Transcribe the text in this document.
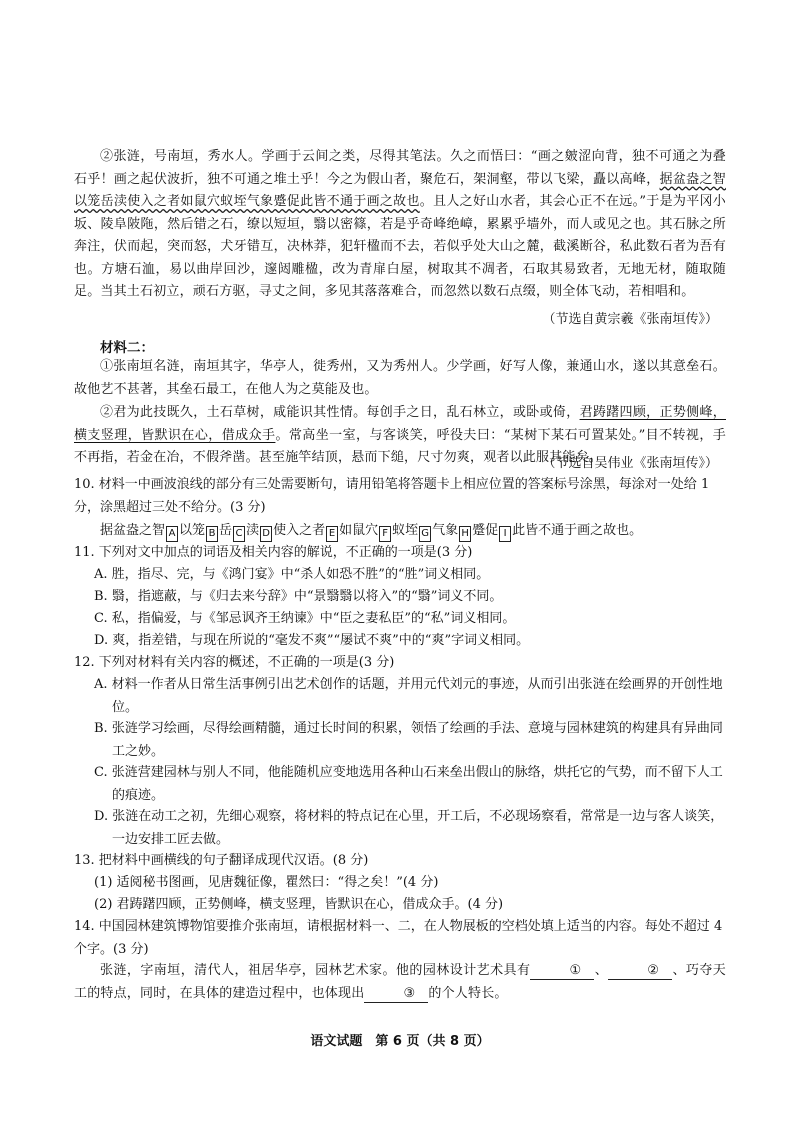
②张涟，号南垣，秀水人。学画于云间之类，尽得其笔法。久之而悟曰：“画之皴涩向背，独不可通之为叠石乎！画之起伏波折，独不可通之堆土乎！今之为假山者，聚危石，架洞壑，带以飞梁，矗以高峰，据盆盎之智以笼岳渎使入之者如鼠穴蚁垤气象蹙促此皆不通于画之故也。且人之好山水者，其会心正不在远。”于是为平冈小坂、陵阜陂陁，然后错之石，缭以短垣，翳以密篠，若是乎奇峰绝嶂，累累乎墙外，而人或见之也。其石脉之所奔注，伏而起，突而怒，犬牙错互，决林莽，犯轩楹而不去，若似乎处大山之麓，截溪断谷，私此数石者为吾有也。方塘石洫，易以曲岸回沙，邃闼雕楹，改为青扉白屋，树取其不凋者，石取其易致者，无地无材，随取随足。当其土石初立，顽石方驱，寻丈之间，多见其落落难合，而忽然以数石点缀，则全体飞动，若相唱和。
（节选自黄宗羲《张南垣传》）
材料二：
①张南垣名涟，南垣其字，华亭人，徙秀州，又为秀州人。少学画，好写人像，兼通山水，遂以其意垒石。故他艺不甚著，其垒石最工，在他人为之莫能及也。
②君为此技既久，土石草树，咸能识其性情。每创手之日，乱石林立，或卧或倚，君踌躇四顾，正势侧峰，横支竖理，皆默识在心，借成众手。常高坐一室，与客谈笑，呼役夫曰：“某树下某石可置某处。”目不转视，手不再指，若金在冶，不假斧凿。甚至施竿结顶，悬而下缒，尺寸勿爽，观者以此服其能矣。
（节选自吴伟业《张南垣传》）
10. 材料一中画波浪线的部分有三处需要断句，请用铅笔将答题卡上相应位置的答案标号涂黑，每涂对一处给 1 分，涂黑超过三处不给分。(3 分)
据盆盎之智 A 以笼 B 岳 C 渎 D 使入之者 E 如鼠穴 F 蚁垤 G 气象 H 蹙促 I 此皆不通于画之故也。
11. 下列对文中加点的词语及相关内容的解说，不正确的一项是(3 分)
A. 胜，指尽、完，与《鸿门宴》中“杀人如恐不胜”的“胜”词义相同。
B. 翳，指遮蔽，与《归去来兮辞》中“景翳翳以将入”的“翳”词义不同。
C. 私，指偏爱，与《邹忌讽齐王纳谏》中“臣之妻私臣”的“私”词义相同。
D. 爽，指差错，与现在所说的“毫发不爽”“屡试不爽”中的“爽”字词义相同。
12. 下列对材料有关内容的概述，不正确的一项是(3 分)
A. 材料一作者从日常生活事例引出艺术创作的话题，并用元代刘元的事迹，从而引出张涟在绘画界的开创性地位。
B. 张涟学习绘画，尽得绘画精髓，通过长时间的积累，领悟了绘画的手法、意境与园林建筑的构建具有异曲同工之妙。
C. 张涟营建园林与别人不同，他能随机应变地选用各种山石来垒出假山的脉络，烘托它的气势，而不留下人工的痕迹。
D. 张涟在动工之初，先细心观察，将材料的特点记在心里，开工后，不必现场察看，常常是一边与客人谈笑，一边安排工匠去做。
13. 把材料中画横线的句子翻译成现代汉语。(8 分)
(1) 适阅秘书图画，见唐魏征像，瞿然曰：“得之矣！”(4 分)
(2) 君踌躇四顾，正势侧峰，横支竖理，皆默识在心，借成众手。(4 分)
14. 中国园林建筑博物馆要推介张南垣，请根据材料一、二，在人物展板的空档处填上适当的内容。每处不超过 4 个字。(3 分)
张涟，字南垣，清代人，祖居华亭，园林艺术家。他的园林设计艺术具有	① 、	② 、巧夺天工的特点，同时，在具体的建造过程中，也体现出	③ 的个人特长。
语文试题　第 6 页（共 8 页）
